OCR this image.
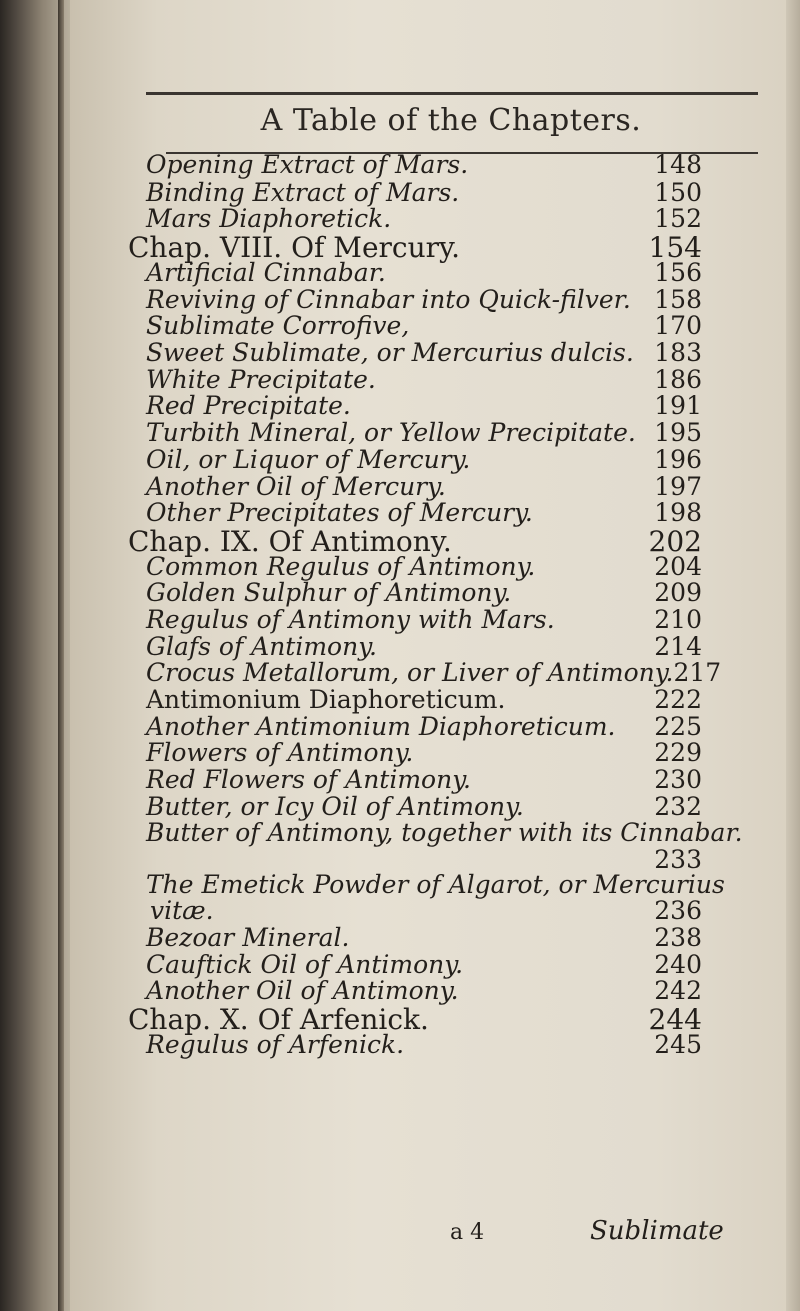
A Table of the Chapters.
Opening Extract of Mars.	148
Binding Extract of Mars.	150
Mars Diaphoretick.	152
Chap. VIII. Of Mercury.	154
Artificial Cinnabar.	156
Reviving of Cinnabar into Quick-filver. 158
Sublimate Corrofive,	170
Sweet Sublimate, or Mercurius dulcis. 183
White Precipitate.	186
Red Precipitate.	191
Turbith Mineral, or Yellow Precipitate. 195
Oil, or Liquor of Mercury.	196
Another Oil of Mercury.	197
Other Precipitates of Mercury.	198
Chap. IX. Of Antimony.	202
Common Regulus of Antimony.	204
Golden Sulphur of Antimony.	209
Regulus of Antimony with Mars.	210
Glafs of Antimony.	214
Crocus Metallorum, or Liver of Antimony. 217
Antimonium Diaphoreticum.	222
Another Antimonium Diaphoreticum. 225
Flowers of Antimony.	229
Red Flowers of Antimony.	230
Butter, or Icy Oil of Antimony.	232
Butter of Antimony, together with its Cinnabar.
233
The Emetick Powder of Algarot, or Mercurius
vitæ.	236
Bezoar Mineral.	238
Cauftick Oil of Antimony.	240
Another Oil of Antimony.	242
Chap. X. Of Arfenick.	244
Regulus of Arfenick.	245
a 4	Sublimate
